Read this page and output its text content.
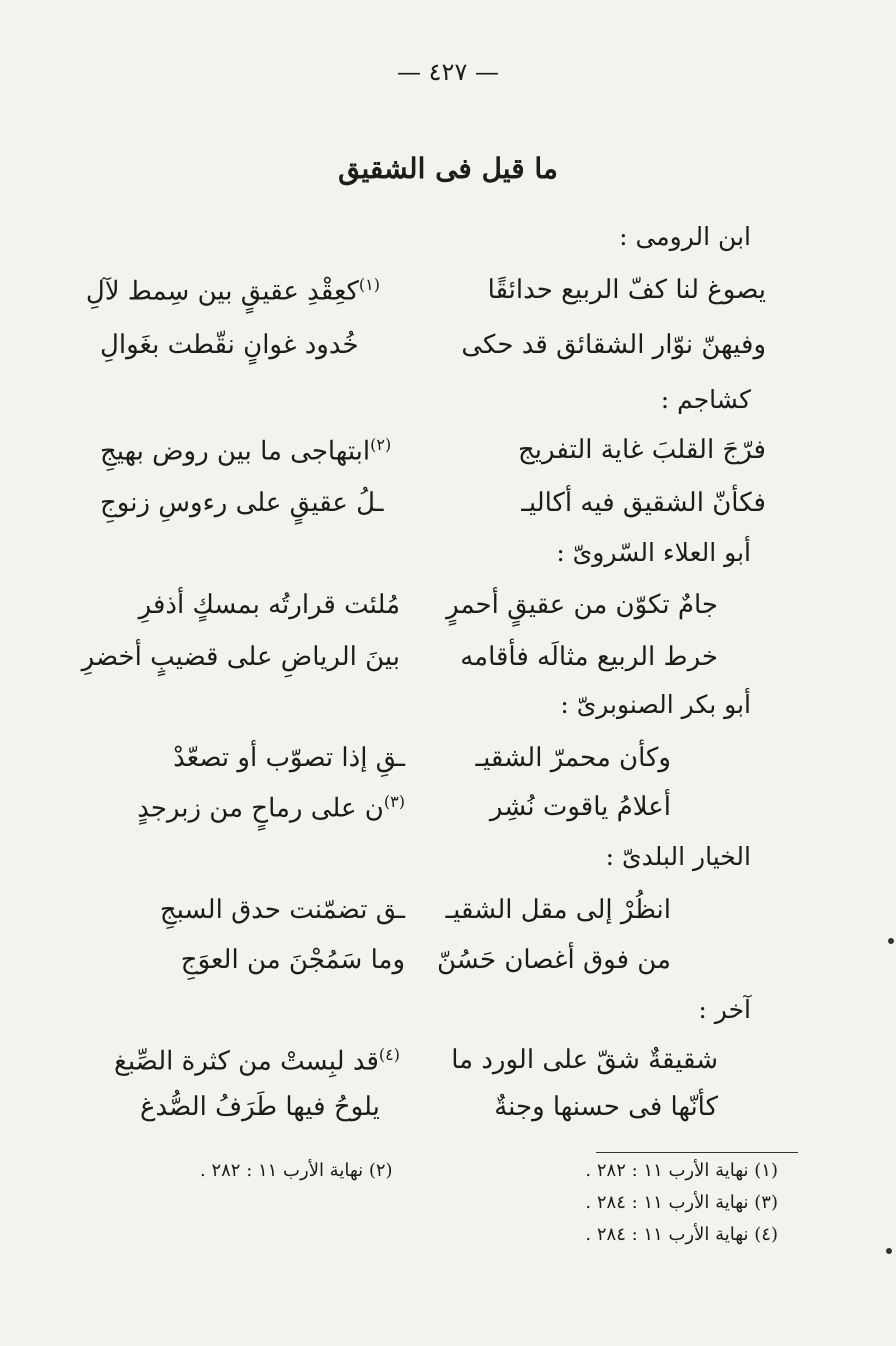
— ٤٢٧ —
ما قيل فى الشقيق
ابن الرومى :
يصوغ لنا كفّ الربيع حدائقًا
$^{(١)}$كعِقْدِ عقيقٍ بين سِمط لآلِ
وفيهنّ نوّار الشقائق قد حكى
خُدود غوانٍ نقّطت بغَوالِ
كشاجم :
فرّجَ القلبَ غاية التفريج
$^{(٢)}$ابتهاجى ما بين روض بهيجِ
فكأنّ الشقيق فيه أكاليـ
ـلُ عقيقٍ على رءوسِ زنوجِ
أبو العلاء السّروىّ :
جامٌ تكوّن من عقيقٍ أحمرٍ
مُلئت قرارتُه بمسكٍ أذفرِ
خرط الربيع مثالَه فأقامه
بينَ الرياضِ على قضيبٍ أخضرِ
أبو بكر الصنوبرىّ :
وكأن محمرّ الشقيـ
ـقِ إذا تصوّب أو تصعّدْ
أعلامُ ياقوت نُشِر
$^{(٣)}$ن على رماحٍ من زبرجدٍ
الخيار البلدىّ :
انظُرْ إلى مقل الشقيـ
ـق تضمّنت حدق السبجِ
من فوق أغصان حَسُنّ
وما سَمُجْنَ من العوَجِ
آخر :
شقيقةٌ شقّ على الورد ما
$^{(٤)}$قد لبِستْ من كثرة الصِّبغ
كأنّها فى حسنها وجنةٌ
يلوحُ فيها طَرَفُ الصُّدغ
(١) نهاية الأرب ١١ : ٢٨٢ .
(٢) نهاية الأرب ١١ : ٢٨٢ .
(٣) نهاية الأرب ١١ : ٢٨٤ .
(٤) نهاية الأرب ١١ : ٢٨٤ .
